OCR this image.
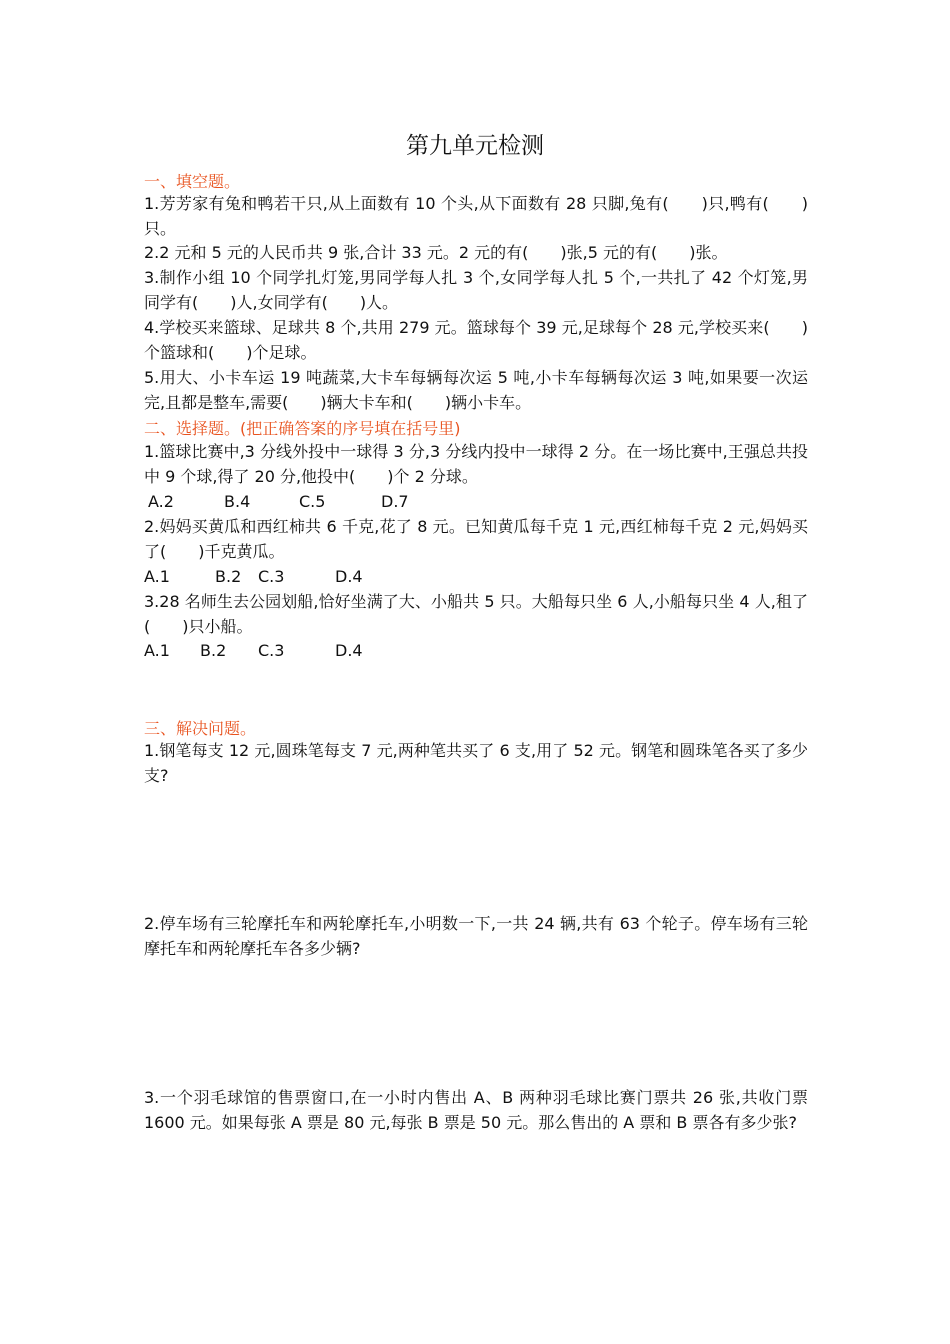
第九单元检测
一、填空题。
1.芳芳家有兔和鸭若干只,从上面数有 10 个头,从下面数有 28 只脚,兔有(　　)只,鸭有(　　)只。
2.2 元和 5 元的人民币共 9 张,合计 33 元。2 元的有(　　)张,5 元的有(　　)张。
3.制作小组 10 个同学扎灯笼,男同学每人扎 3 个,女同学每人扎 5 个,一共扎了 42 个灯笼,男同学有(　　)人,女同学有(　　)人。
4.学校买来篮球、足球共 8 个,共用 279 元。篮球每个 39 元,足球每个 28 元,学校买来(　　)个篮球和(　　)个足球。
5.用大、小卡车运 19 吨蔬菜,大卡车每辆每次运 5 吨,小卡车每辆每次运 3 吨,如果要一次运完,且都是整车,需要(　　)辆大卡车和(　　)辆小卡车。
二、选择题。(把正确答案的序号填在括号里)
1.篮球比赛中,3 分线外投中一球得 3 分,3 分线内投中一球得 2 分。在一场比赛中,王强总共投中 9 个球,得了 20 分,他投中(　　)个 2 分球。
A.2	B.4	C.5	D.7
2.妈妈买黄瓜和西红柿共 6 千克,花了 8 元。已知黄瓜每千克 1 元,西红柿每千克 2 元,妈妈买了(　　)千克黄瓜。
A.1	B.2 C.3	D.4
3.28 名师生去公园划船,恰好坐满了大、小船共 5 只。大船每只坐 6 人,小船每只坐 4 人,租了(　　)只小船。
A.1 B.2 C.3	D.4
三、解决问题。
1.钢笔每支 12 元,圆珠笔每支 7 元,两种笔共买了 6 支,用了 52 元。钢笔和圆珠笔各买了多少支?
2.停车场有三轮摩托车和两轮摩托车,小明数一下,一共 24 辆,共有 63 个轮子。停车场有三轮摩托车和两轮摩托车各多少辆?
3.一个羽毛球馆的售票窗口,在一小时内售出 A、B 两种羽毛球比赛门票共 26 张,共收门票 1600 元。如果每张 A 票是 80 元,每张 B 票是 50 元。那么售出的 A 票和 B 票各有多少张?
